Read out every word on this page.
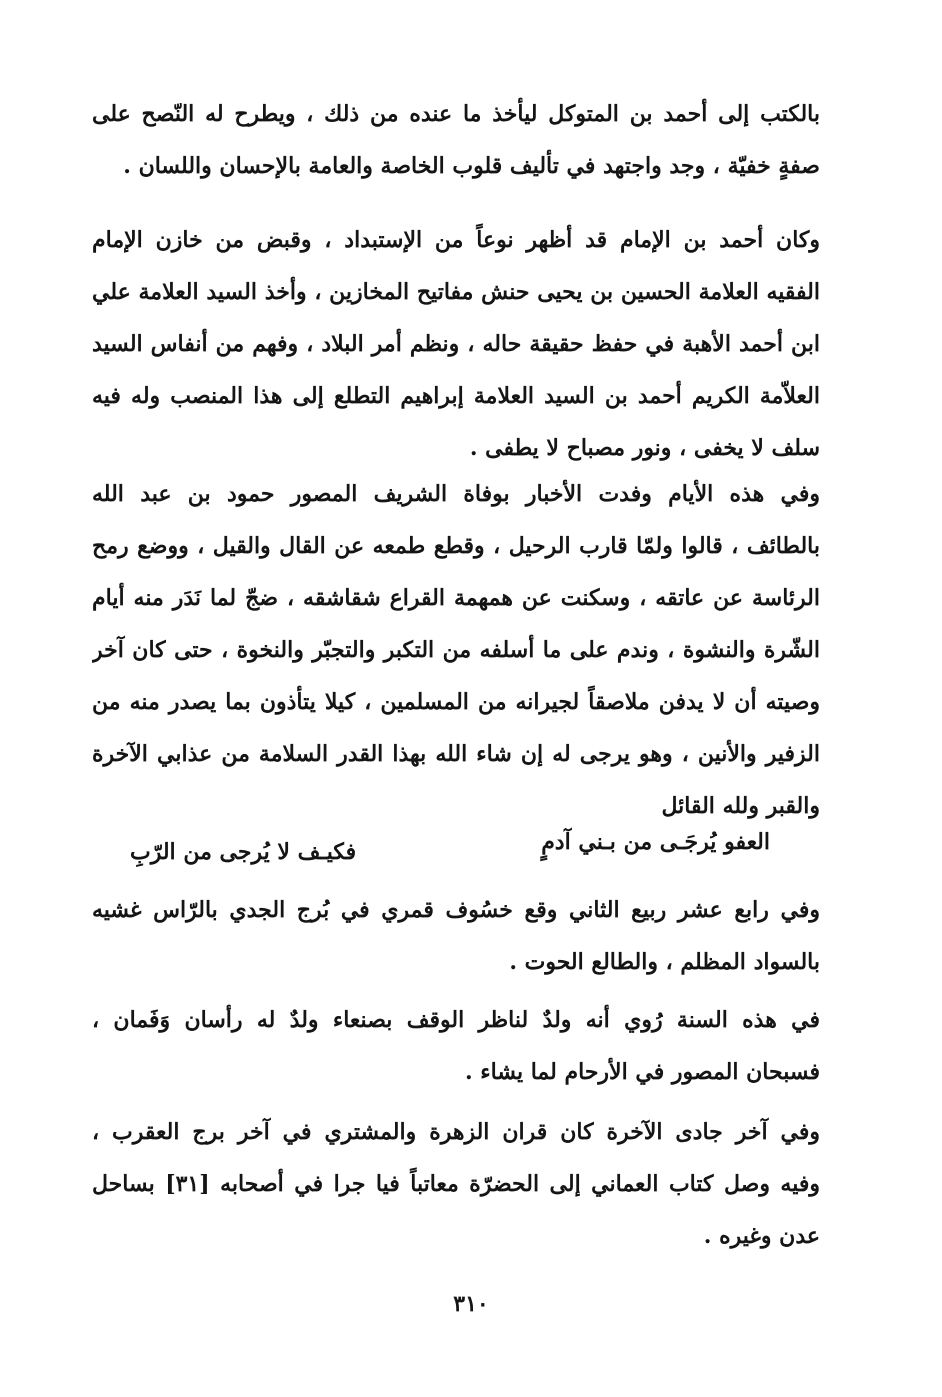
بالكتب إلى أحمد بن المتوكل ليأخذ ما عنده من ذلك ، ويطرح له النّصح على
صفةٍ خفيّة ، وجد واجتهد في تأليف قلوب الخاصة والعامة بالإحسان واللسان .
وكان أحمد بن الإمام قد أظهر نوعاً من الإستبداد ، وقبض من خازن الإمام
الفقيه العلامة الحسين بن يحيى حنش مفاتيح المخازين ، وأخذ السيد العلامة علي
ابن أحمد الأهبة في حفظ حقيقة حاله ، ونظم أمر البلاد ، وفهم من أنفاس السيد
العلاّمة الكريم أحمد بن السيد العلامة إبراهيم التطلع إلى هذا المنصب وله فيه
سلف لا يخفى ، ونور مصباح لا يطفى .
وفي هذه الأيام وفدت الأخبار بوفاة الشريف المصور حمود بن عبد الله
بالطائف ، قالوا ولمّا قارب الرحيل ، وقطع طمعه عن القال والقيل ، ووضع رمح
الرئاسة عن عاتقه ، وسكنت عن همهمة القراع شقاشقه ، ضجّ لما نَدَر منه أيام
الشّرة والنشوة ، وندم على ما أسلفه من التكبر والتجبّر والنخوة ، حتى كان آخر
وصيته أن لا يدفن ملاصقاً لجيرانه من المسلمين ، كيلا يتأذون بما يصدر منه من
الزفير والأنين ، وهو يرجى له إن شاء الله بهذا القدر السلامة من عذابي الآخرة
والقبر ولله القائل
العفو يُرجَـى من بـني آدمٍ
فكيـف لا يُرجى من الرّبِ
وفي رابع عشر ربيع الثاني وقع خسُوف قمري في بُرج الجدي بالرّاس غشيه
بالسواد المظلم ، والطالع الحوت .
في هذه السنة رُوي أنه ولدٌ لناظر الوقف بصنعاء ولدٌ له رأسان وَفَمان ،
فسبحان المصور في الأرحام لما يشاء .
وفي آخر جادى الآخرة كان قران الزهرة والمشتري في آخر برج العقرب ،
وفيه وصل كتاب العماني إلى الحضرّة معاتباً فيا جرا في أصحابه [٣١] بساحل
عدن وغيره .
٣١٠
